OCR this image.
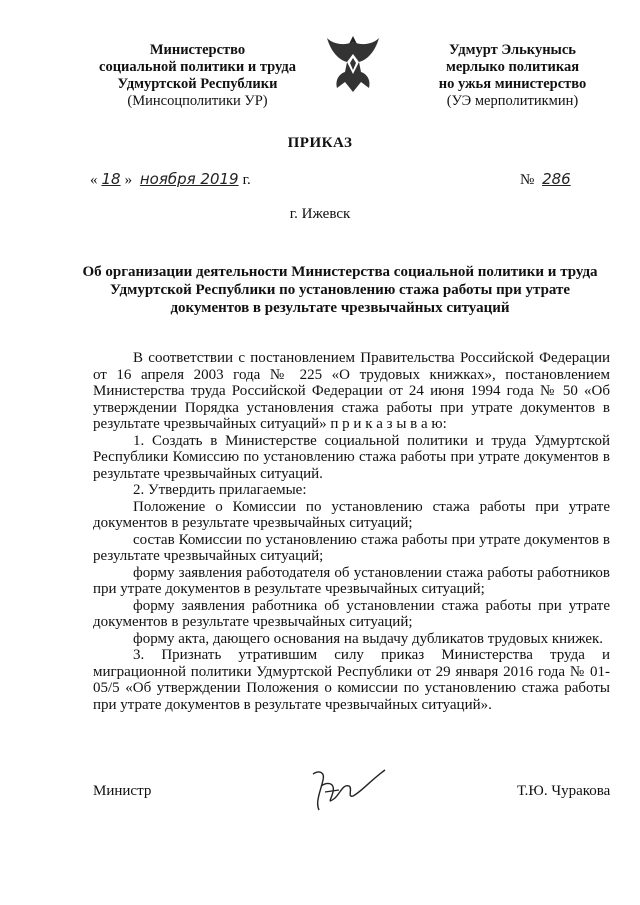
Министерство
социальной политики и труда
Удмуртской Республики
(Минсоцполитики УР)
Удмурт Элькунысь
мерлыко политикая
но ужья министерство
(УЭ мерполитикмин)
ПРИКАЗ
« 18 » ноября 2019 г.	№ 286
г. Ижевск
Об организации деятельности Министерства социальной политики и труда Удмуртской Республики по установлению стажа работы при утрате документов в результате чрезвычайных ситуаций

В соответствии с постановлением Правительства Российской Федерации от 16 апреля 2003 года № 225 «О трудовых книжках», постановлением Министерства труда Российской Федерации от 24 июня 1994 года № 50 «Об утверждении Порядка установления стажа работы при утрате документов в результате чрезвычайных ситуаций» п р и к а з ы в а ю:

1. Создать в Министерстве социальной политики и труда Удмуртской Республики Комиссию по установлению стажа работы при утрате документов в результате чрезвычайных ситуаций.

2. Утвердить прилагаемые:

Положение о Комиссии по установлению стажа работы при утрате документов в результате чрезвычайных ситуаций;

состав Комиссии по установлению стажа работы при утрате документов в результате чрезвычайных ситуаций;

форму заявления работодателя об установлении стажа работы работников при утрате документов в результате чрезвычайных ситуаций;

форму заявления работника об установлении стажа работы при утрате документов в результате чрезвычайных ситуаций;

форму акта, дающего основания на выдачу дубликатов трудовых книжек.

3. Признать утратившим силу приказ Министерства труда и миграционной политики Удмуртской Республики от 29 января 2016 года № 01-05/5 «Об утверждении Положения о комиссии по установлению стажа работы при утрате документов в результате чрезвычайных ситуаций».

Министр	Т.Ю. Чуракова
